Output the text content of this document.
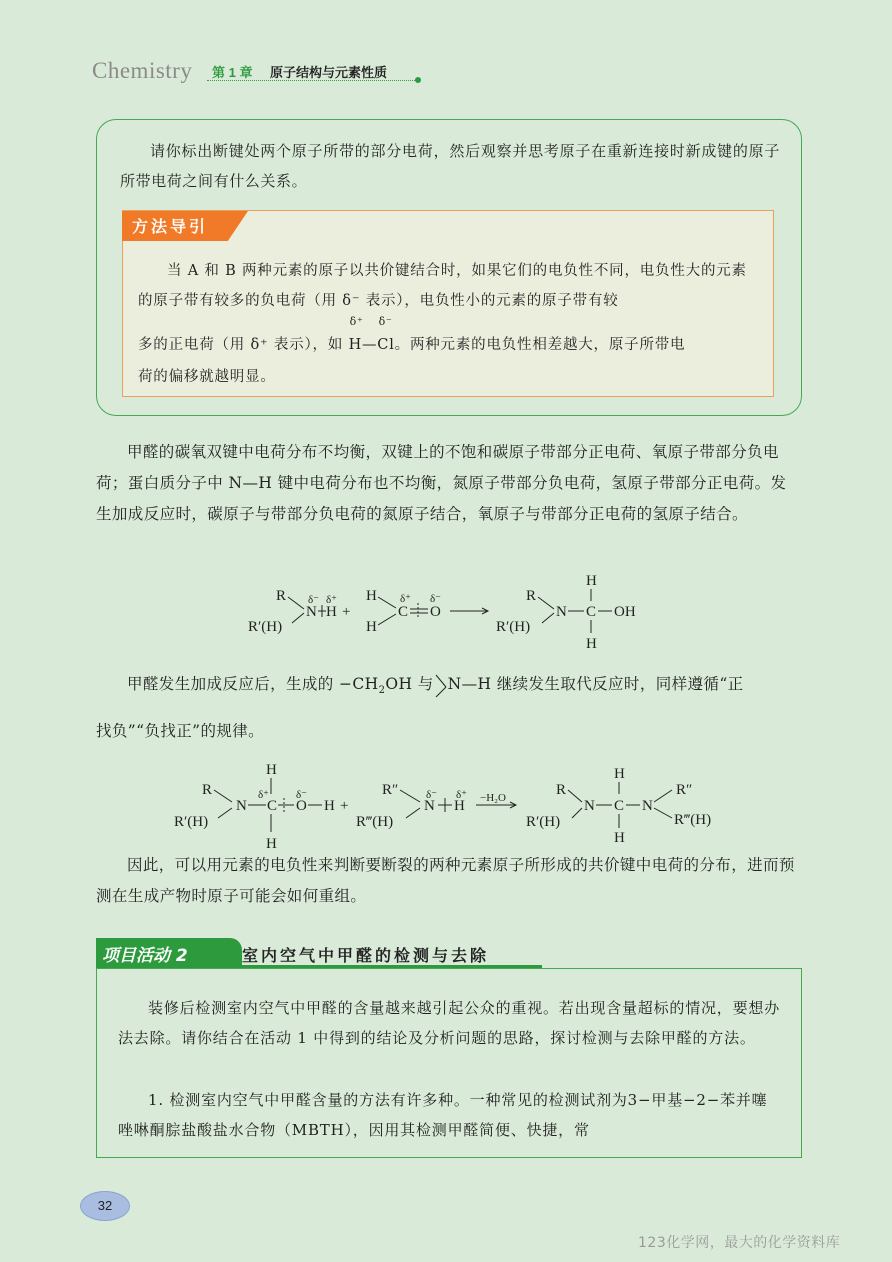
Chemistry 第 1 章 原子结构与元素性质
请你标出断键处两个原子所带的部分电荷，然后观察并思考原子在重新连接时新成键的原子所带电荷之间有什么关系。
方法导引
当 A 和 B 两种元素的原子以共价键结合时，如果它们的电负性不同，电负性大的元素的原子带有较多的负电荷（用 δ⁻ 表示），电负性小的元素的原子带有较
多的正电荷（用 δ⁺ 表示），如
δ⁺ δ⁻
H—Cl。两种元素的电负性相差越大，原子所带电
荷的偏移就越明显。
甲醛的碳氧双键中电荷分布不均衡，双键上的不饱和碳原子带部分正电荷、氧原子带部分负电荷；蛋白质分子中 N—H 键中电荷分布也不均衡，氮原子带部分负电荷，氢原子带部分正电荷。发生加成反应时，碳原子与带部分负电荷的氮原子结合，氧原子与带部分正电荷的氢原子结合。
R
R′(H)
N
δ⁻
H
δ⁺
+
H
H
C
δ⁺
O
δ⁻	R
R′(H)
N C
H
H
OH
甲醛发生加成反应后，生成的 $-CH_2OH$ 与 N—H 继续发生取代反应时，同样遵循“正
找负”“负找正”的规律。
R
R′(H)
N C
δ⁺
H
H
O
δ⁻
H +
R″
R‴(H)
N
δ⁻
H
δ⁺ −H₂O	R
R′(H)
N C
H
H
N
R″
R‴(H)
因此，可以用元素的电负性来判断要断裂的两种元素原子所形成的共价键中电荷的分布，进而预测在生成产物时原子可能会如何重组。
项目活动 2	室内空气中甲醛的检测与去除
装修后检测室内空气中甲醛的含量越来越引起公众的重视。若出现含量超标的情况，要想办法去除。请你结合在活动 1 中得到的结论及分析问题的思路，探讨检测与去除甲醛的方法。
1. 检测室内空气中甲醛含量的方法有许多种。一种常见的检测试剂为3−甲基−2−苯并噻唑啉酮腙盐酸盐水合物（MBTH），因用其检测甲醛简便、快捷，常
32
123化学网，最大的化学资料库
